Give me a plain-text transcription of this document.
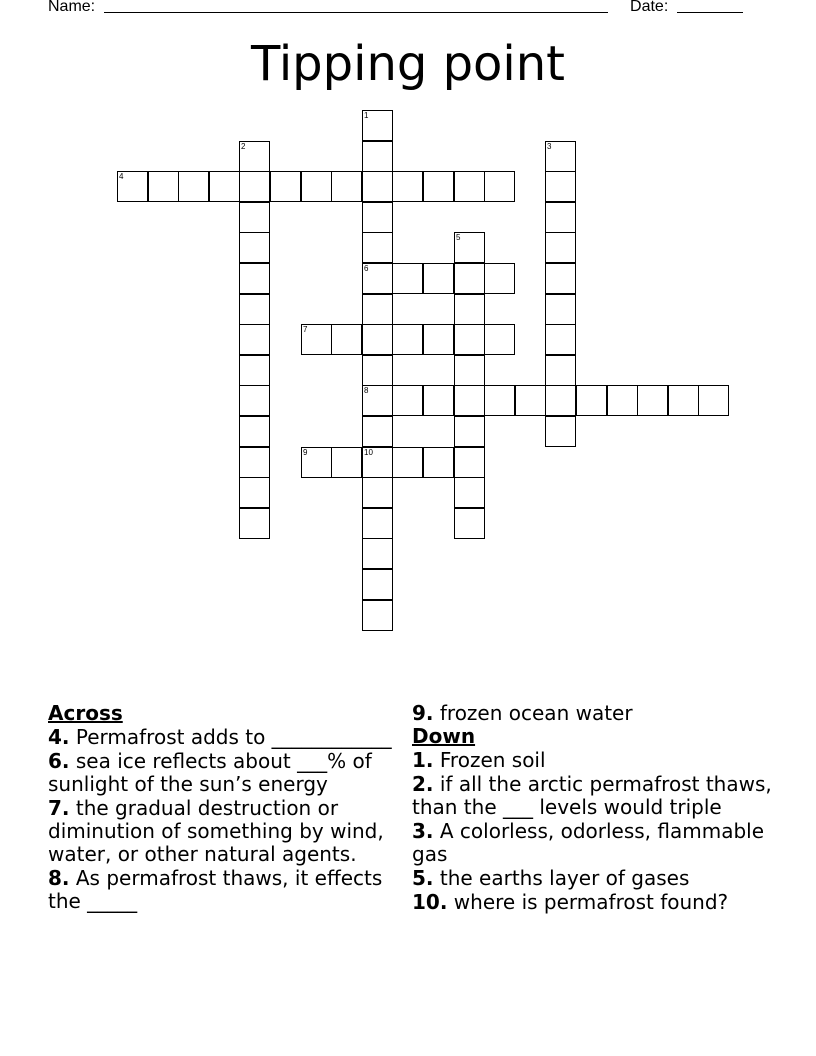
Name:	Date:
Tipping point
1
6
8
2	3
4
5
7
9	10
Across
4. Permafrost adds to ____________
6. sea ice reflects about ___% of sunlight of the sun’s energy
7. the gradual destruction or diminution of something by wind, water, or other natural agents.
8. As permafrost thaws, it effects the _____
9. frozen ocean water
Down
1. Frozen soil
2. if all the arctic permafrost thaws, than the ___ levels would triple
3. A colorless, odorless, flammable gas
5. the earths layer of gases
10. where is permafrost found?
